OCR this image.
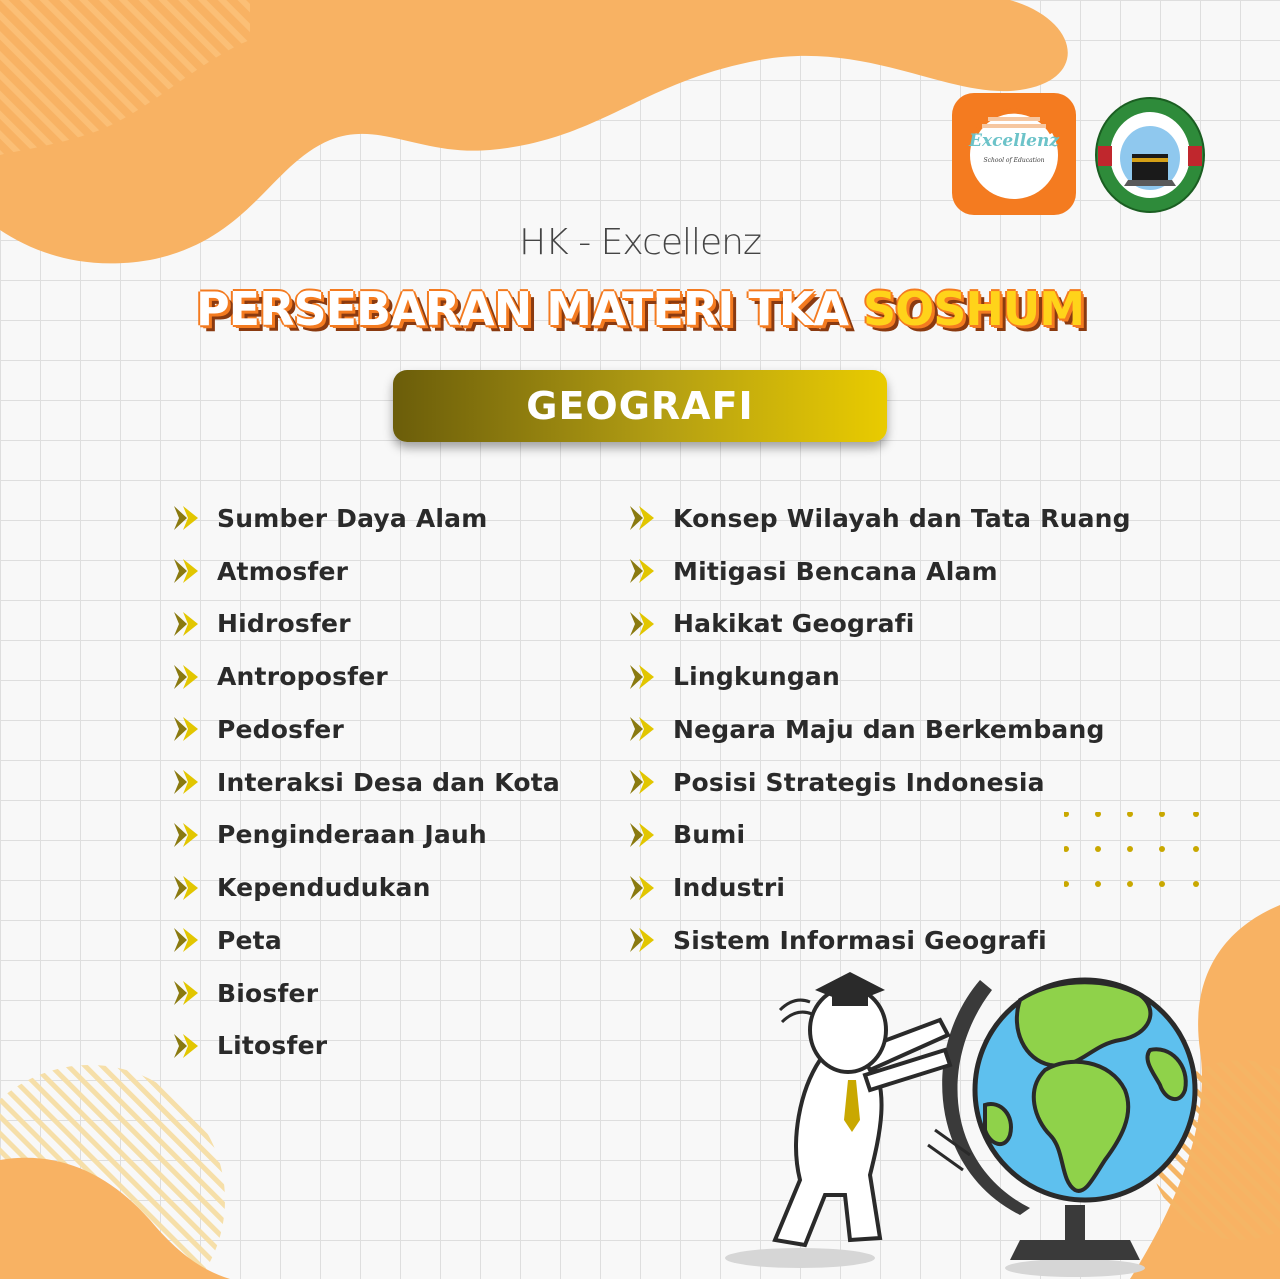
Excellenz
School of Education
HK - Excellenz
PERSEBARAN MATERI TKA SOSHUM
GEOGRAFI
Sumber Daya Alam
Atmosfer
Hidrosfer
Antroposfer
Pedosfer
Interaksi Desa dan Kota
Penginderaan Jauh
Kependudukan
Peta
Biosfer
Litosfer
Konsep Wilayah dan Tata Ruang
Mitigasi Bencana Alam
Hakikat Geografi
Lingkungan
Negara Maju dan Berkembang
Posisi Strategis Indonesia
Bumi
Industri
Sistem Informasi Geografi
